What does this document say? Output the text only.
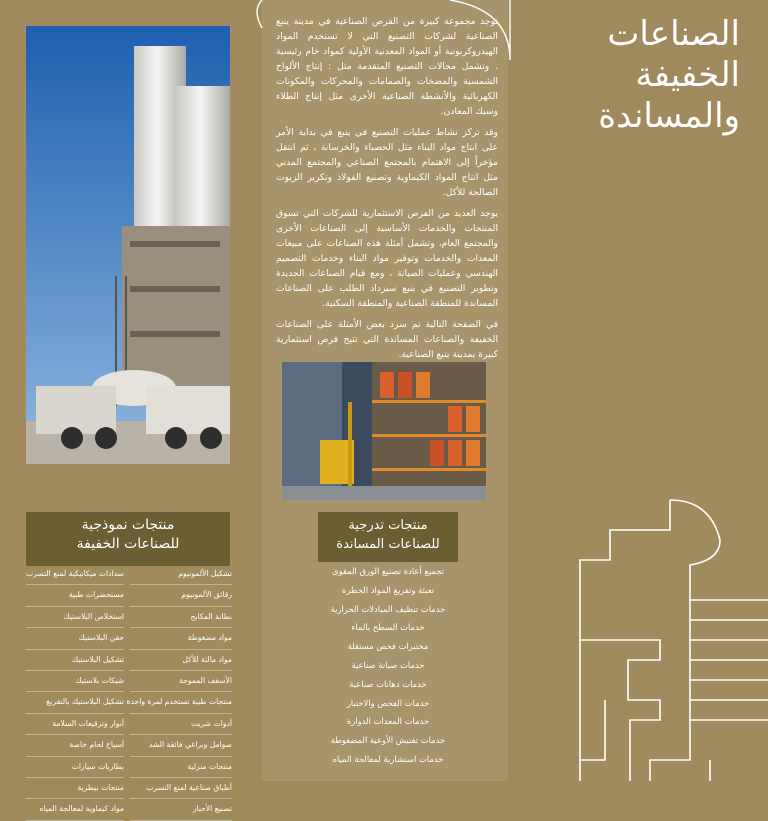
الصناعات
الخفيفة
والمساندة

توجد مجموعة كبيرة من الفرص الصناعية في مدينة ينبع الصناعية لشركات التصنيع التي لا تستخدم المواد الهيدروكربونية أو المواد المعدنية الأولية كمواد خام رئيسية . وتشمل مجالات التصنيع المتقدمة مثل : إنتاج الألواح الشمسية والمضخات والصمامات والمحركات والمكونات الكهربائية والأنشطة الصناعية الأخرى مثل إنتاج الطلاء وسبك المعادن.

وقد تركز نشاط عمليات التصنيع في ينبع في بداية الأمر على انتاج مواد البناء مثل الحصباء والخرسانة ، ثم انتقل مؤخراً إلى الاهتمام بالمجتمع الصناعي والمجتمع المدني مثل انتاج المواد الكيماوية وتصنيع الفولاذ وتكرير الزيوت الصالحة للأكل.

يوجد العديد من الفرص الاستثمارية للشركات التي تسوق المنتجات والخدمات الأساسية إلى الصناعات الأخرى والمجتمع العام، وتشمل أمثلة هذه الصناعات على مبيعات المعدات والخدمات وتوفير مواد البناء وخدمات التصميم الهندسي وعمليات الصيانة ، ومع قيام الصناعات الجديدة وتطوير التصنيع في ينبع سيزداد الطلب على الصناعات المساندة للمنطقة الصناعية والمنطقة السكنية.

في الصفحة التالية تم سرد بعض الأمثلة على الصناعات الخفيفة والصناعات المساندة التي تتيح فرص استثمارية كبيرة بمدينة ينبع الصناعية.

منتجات نموذجية
للصناعات الخفيفة
تشكيل الألمونيوم
رقائق الألمونيوم
بطانة المكابح
مواد مضغوطة
مواد مالئة للأكل
الأسقف المموجة
منتجات طبية تستخدم لمرة واحدة
أدوات شريت
صوامل وبراغي فائقة الشد
منتجات منزلية
أطباق صناعية لمنع التسرب
تصنيع الأحبار
سدادات ميكانيكية لمنع التسرب
مستحضرات طبية
استخلاص البلاستيك
حقن البلاستيك
تشكيل البلاستيك
شبكات بلاستيك
تشكيل البلاستيك بالتفريغ
أنوار وترقيعات السلامة
أسياخ لحام خاصة
بطاريات سيارات
منتجات بيطرية
مواد كيماوية لمعالجة المياه
منتجات تدرجية
للصناعات المساندة
تجميع أعادة تصنيع الورق المقوى
تعبئة وتفريغ المواد الخطرة
خدمات تنظيف المبادلات الحرارية
خدمات السطح بالماء
مختبرات فحص مستقلة
خدمات صيانة صناعية
خدمات دهانات صناعية
خدمات الفحص والاختبار
خدمات المعدات الدوارة
خدمات تفتيش الأوعية المضغوطة
خدمات استشارية لمعالجة المياه
